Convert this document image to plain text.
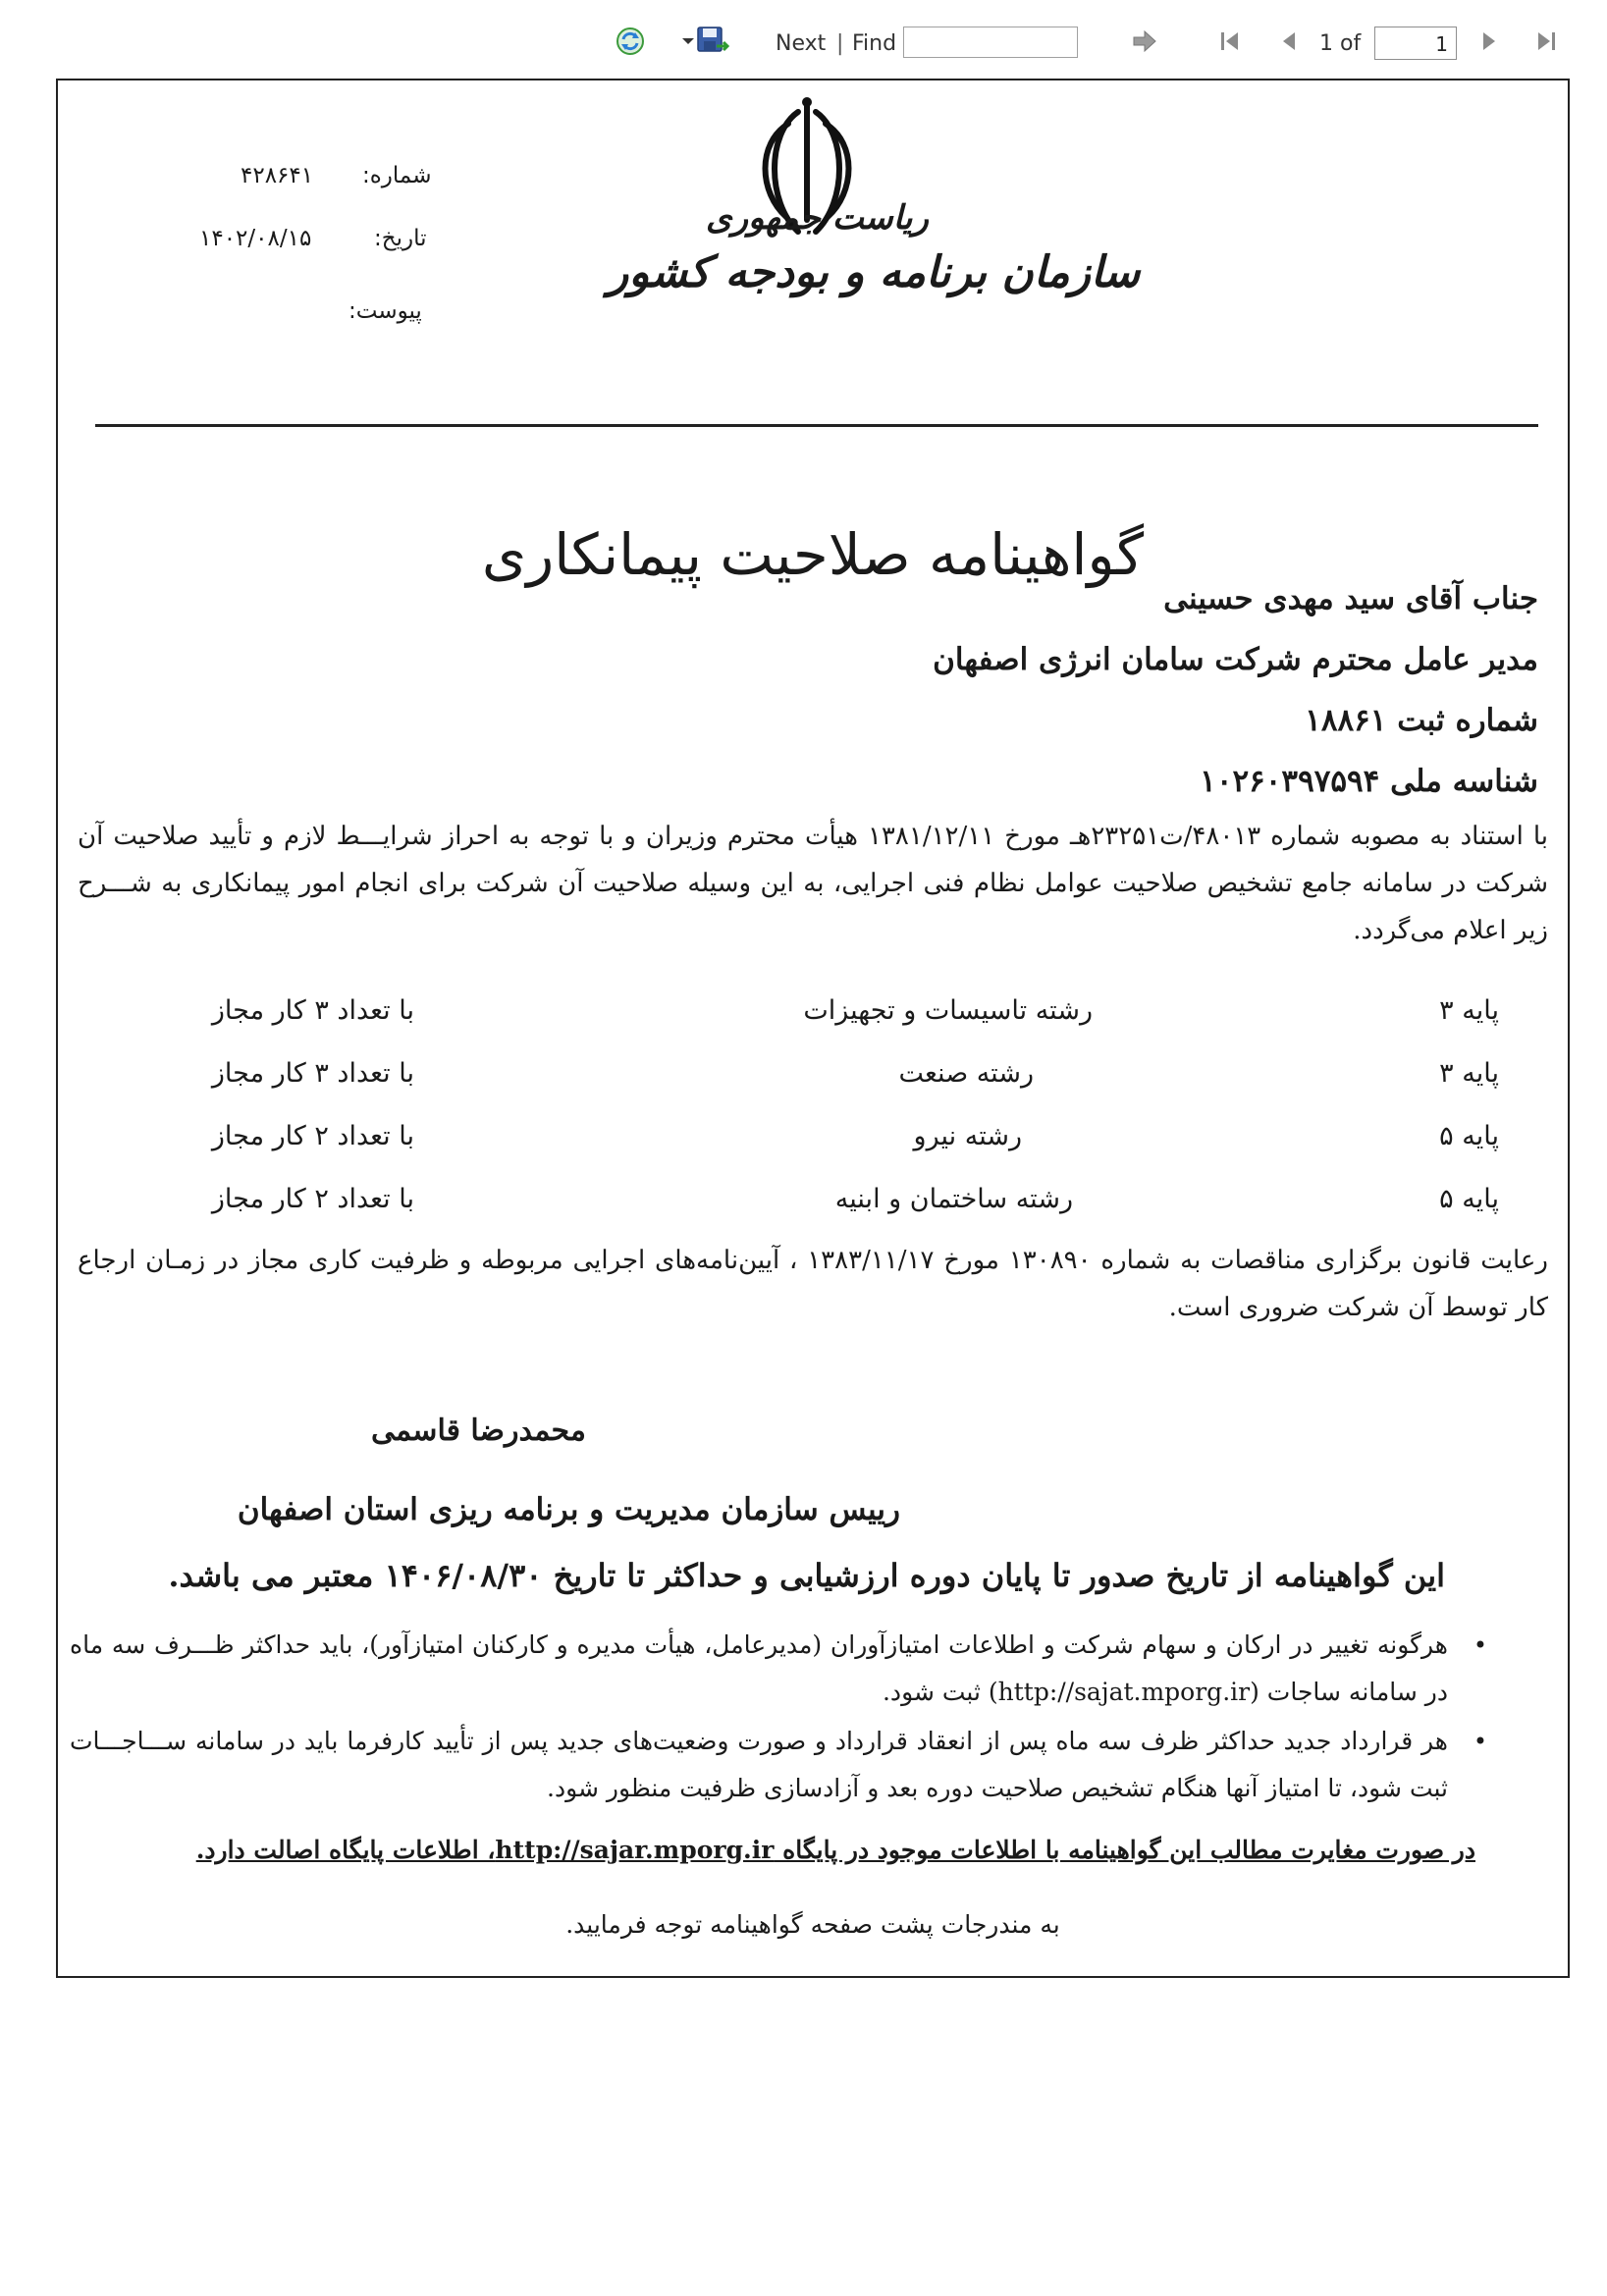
Next | Find	1 of
1
شماره:
۴۲۸۶۴۱
تاریخ:
۱۴۰۲/۰۸/۱۵
پیوست:
ریاست جمهوری
سازمان برنامه و بودجه کشور
گواهینامه صلاحیت پیمانکاری
جناب آقای سید مهدی حسینی
مدیر عامل محترم شرکت سامان انرژی اصفهان
شماره ثبت ۱۸۸۶۱
شناسه ملی ۱۰۲۶۰۳۹۷۵۹۴

با استناد به مصوبه شماره ۴۸۰۱۳/ت۲۳۲۵۱هـ مورخ ۱۳۸۱/۱۲/۱۱ هیأت محترم وزیران و با توجه به احراز شرایـــط لازم و تأیید صلاحیت آن شرکت در سامانه جامع تشخیص صلاحیت عوامل نظام فنی اجرایی، به این وسیله صلاحیت آن شرکت برای انجام امور پیمانکاری به شـــرح زیر اعلام می‌گردد.

پایه ۳
رشته تاسیسات و تجهیزات
با تعداد ۳ کار مجاز
پایه ۳
رشته صنعت
با تعداد ۳ کار مجاز
پایه ۵
رشته نیرو
با تعداد ۲ کار مجاز
پایه ۵
رشته ساختمان و ابنیه
با تعداد ۲ کار مجاز

رعایت قانون برگزاری مناقصات به شماره ۱۳۰۸۹۰ مورخ ۱۳۸۳/۱۱/۱۷ ، آیین‌نامه‌های اجرایی مربوطه و ظرفیت کاری مجاز در زمـان ارجاع کار توسط آن شرکت ضروری است.

محمدرضا قاسمی
رییس سازمان مدیریت و برنامه ریزی استان اصفهان
این گواهینامه از تاریخ صدور تا پایان دوره ارزشیابی و حداکثر تا تاریخ ۱۴۰۶/۰۸/۳۰ معتبر می باشد.
•
هرگونه تغییر در ارکان و سهام شرکت و اطلاعات امتیازآوران (مدیرعامل، هیأت مدیره و کارکنان امتیازآور)، باید حداکثر ظـــرف سه ماه در سامانه ساجات (http://sajat.mporg.ir) ثبت شود.
•
هر قرارداد جدید حداکثر ظرف سه ماه پس از انعقاد قرارداد و صورت وضعیت‌های جدید پس از تأیید کارفرما باید در سامانه ســـاجـــات ثبت شود، تا امتیاز آنها هنگام تشخیص صلاحیت دوره بعد و آزادسازی ظرفیت منظور شود.
در صورت مغایرت مطالب این گواهینامه با اطلاعات موجود در پایگاه http://sajar.mporg.ir، اطلاعات پایگاه اصالت دارد.
به مندرجات پشت صفحه گواهینامه توجه فرمایید.
